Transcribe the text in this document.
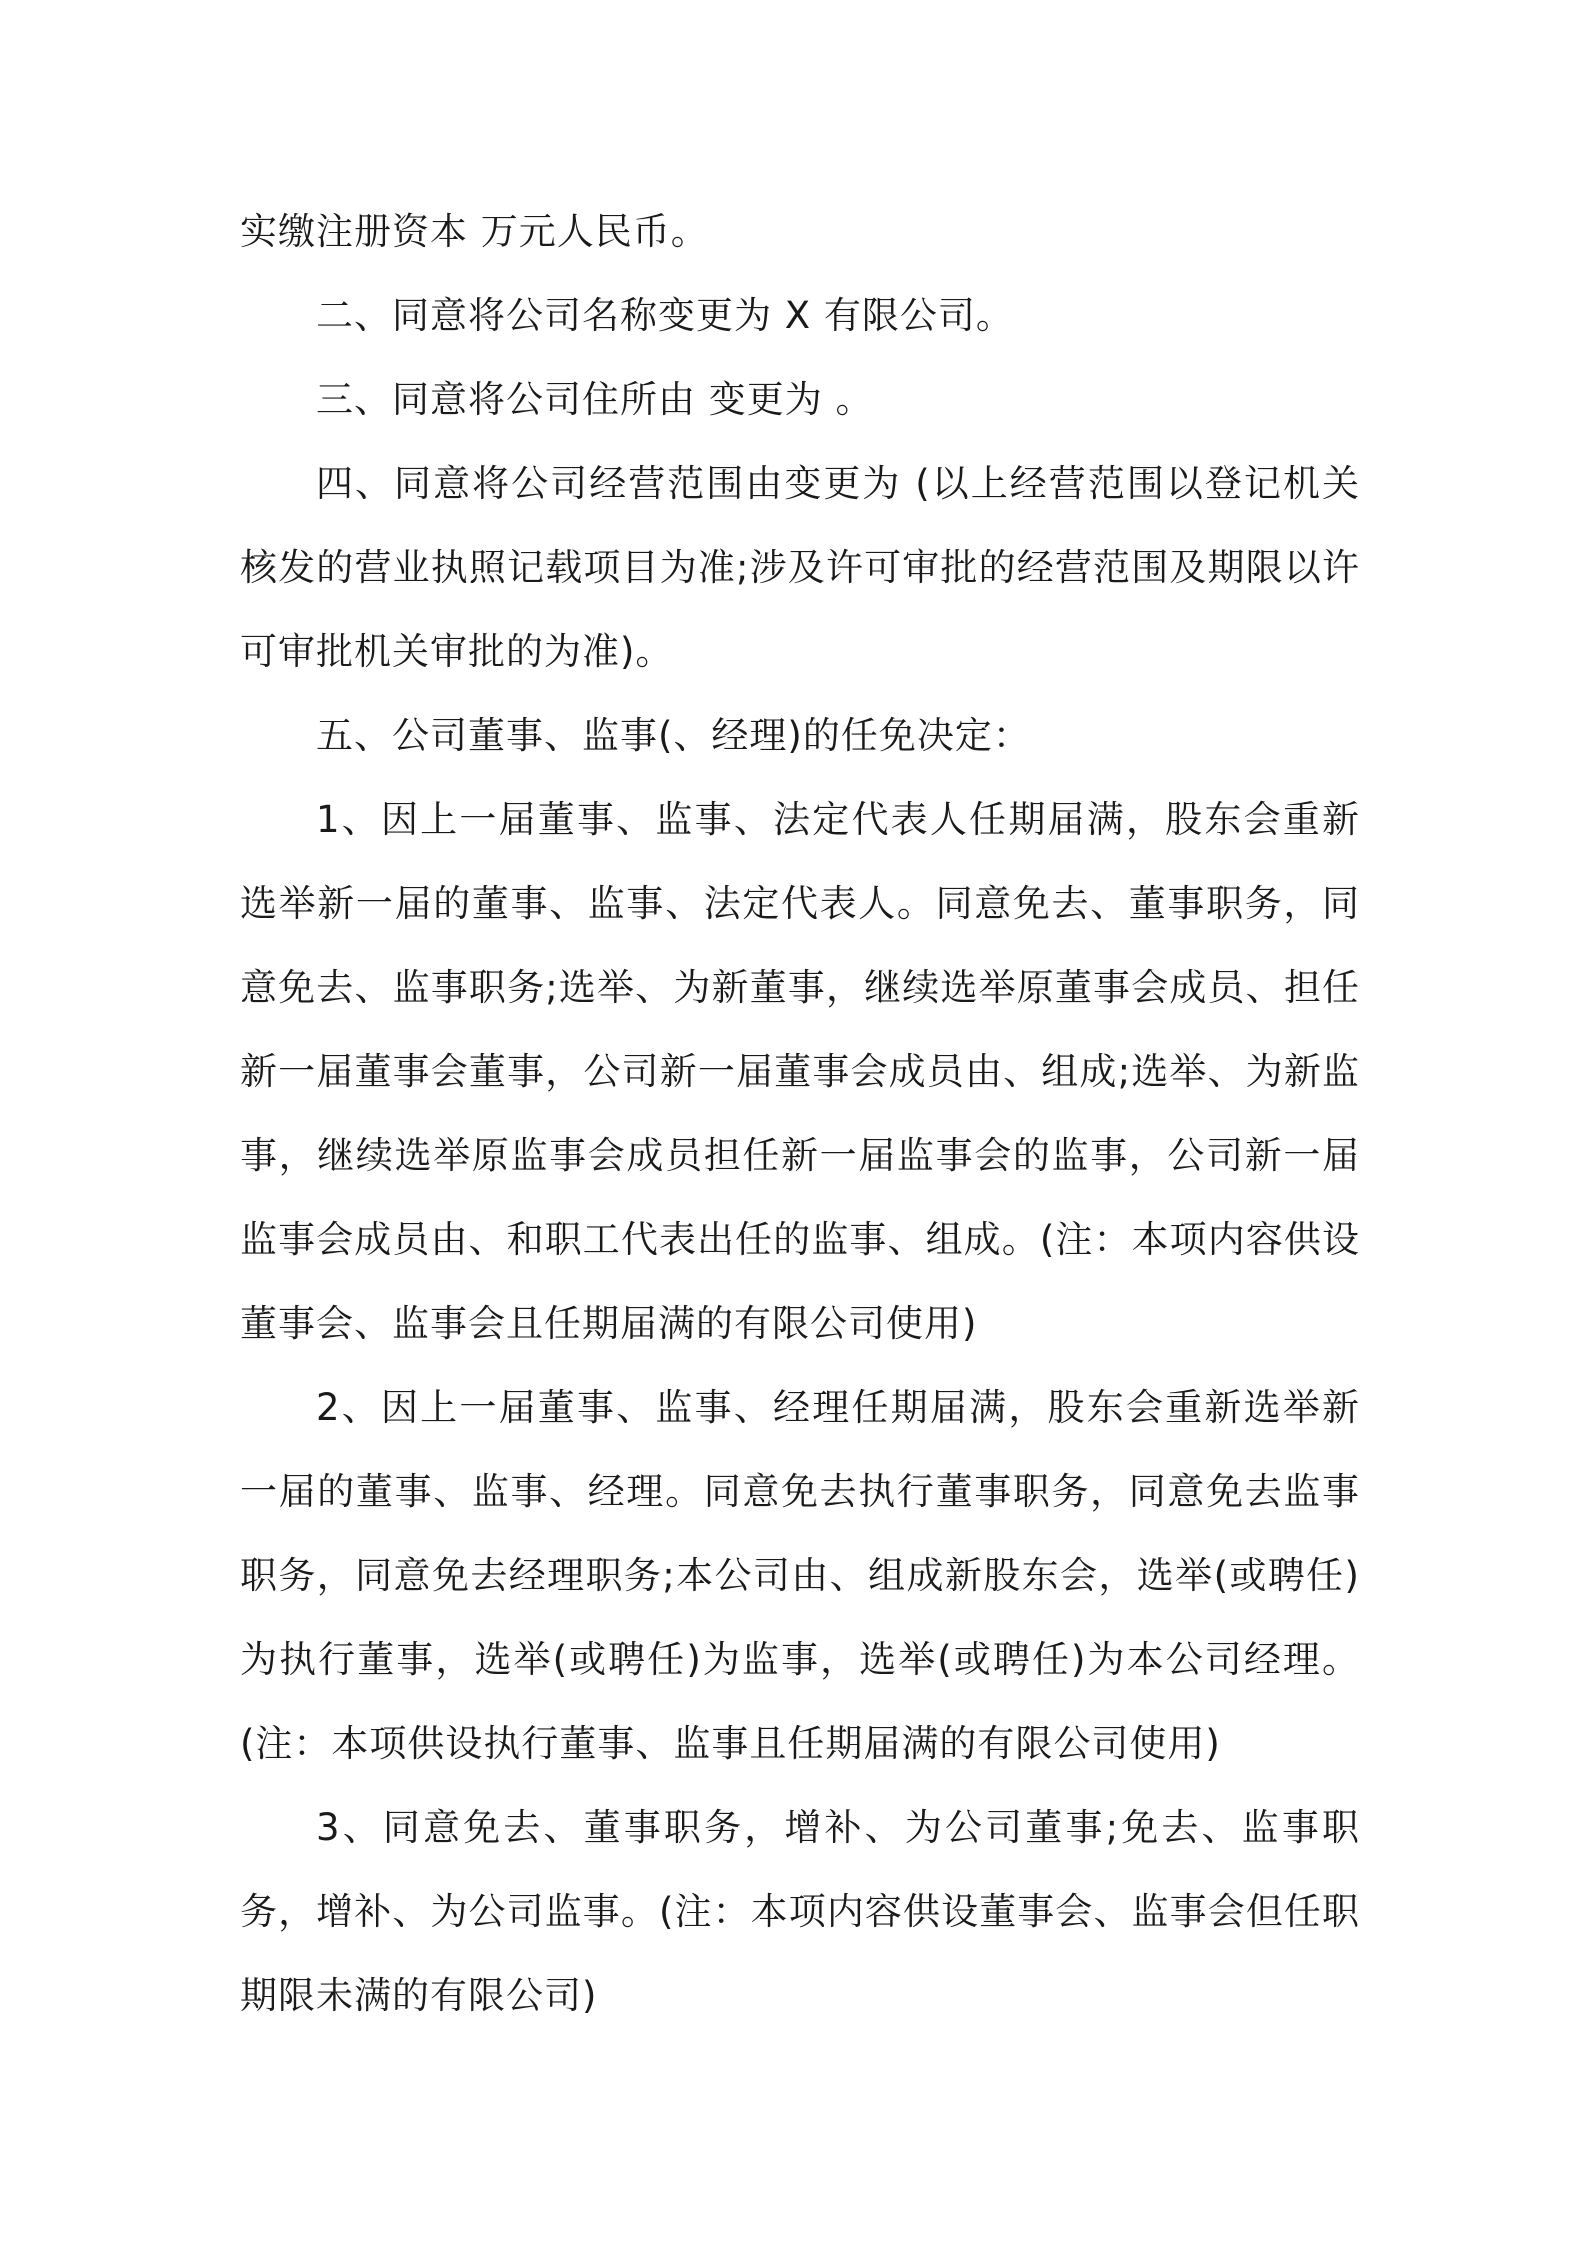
实缴注册资本 万元人民币。

二、同意将公司名称变更为 X 有限公司。

三、同意将公司住所由 变更为 。

四、同意将公司经营范围由变更为 (以上经营范围以登记机关核发的营业执照记载项目为准;涉及许可审批的经营范围及期限以许可审批机关审批的为准)。

五、公司董事、监事(、经理)的任免决定：

1、因上一届董事、监事、法定代表人任期届满，股东会重新选举新一届的董事、监事、法定代表人。同意免去、董事职务，同意免去、监事职务;选举、为新董事，继续选举原董事会成员、担任新一届董事会董事，公司新一届董事会成员由、组成;选举、为新监事，继续选举原监事会成员担任新一届监事会的监事，公司新一届监事会成员由、和职工代表出任的监事、组成。(注：本项内容供设董事会、监事会且任期届满的有限公司使用)

2、因上一届董事、监事、经理任期届满，股东会重新选举新一届的董事、监事、经理。同意免去执行董事职务，同意免去监事职务，同意免去经理职务;本公司由、组成新股东会，选举(或聘任)为执行董事，选举(或聘任)为监事，选举(或聘任)为本公司经理。(注：本项供设执行董事、监事且任期届满的有限公司使用)

3、同意免去、董事职务，增补、为公司董事;免去、监事职务，增补、为公司监事。(注：本项内容供设董事会、监事会但任职期限未满的有限公司)
